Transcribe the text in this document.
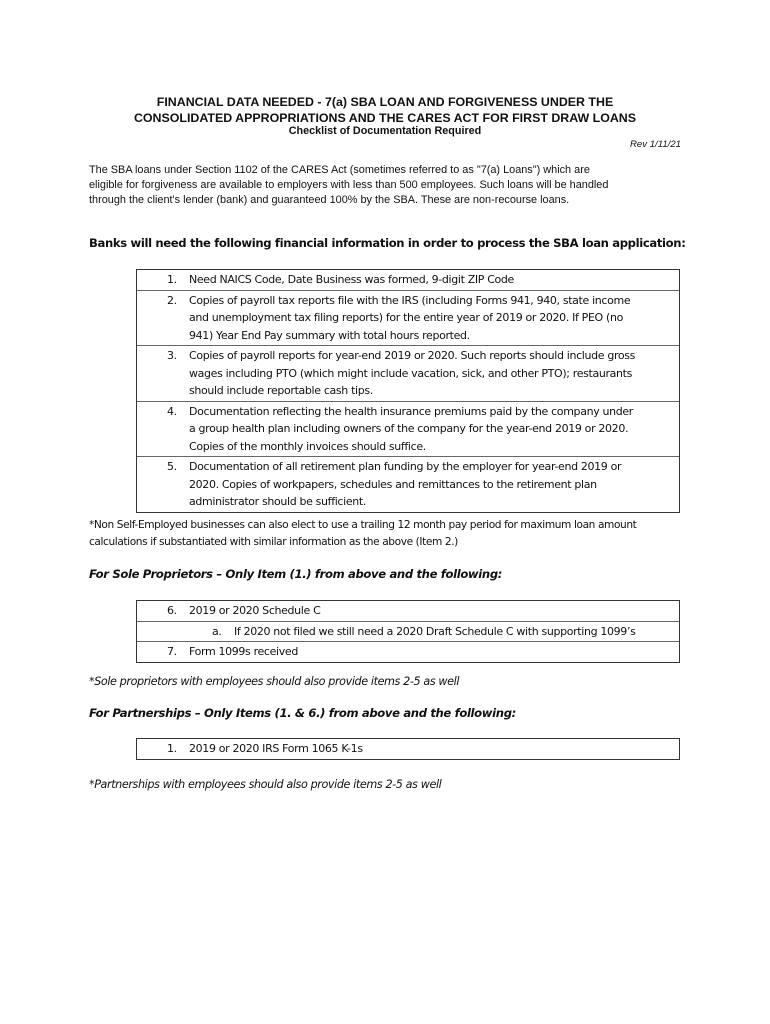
FINANCIAL DATA NEEDED - 7(a) SBA LOAN AND FORGIVENESS UNDER THE
CONSOLIDATED APPROPRIATIONS AND THE CARES ACT FOR FIRST DRAW LOANS
Checklist of Documentation Required
Rev 1/11/21
The SBA loans under Section 1102 of the CARES Act (sometimes referred to as "7(a) Loans") which are
eligible for forgiveness are available to employers with less than 500 employees. Such loans will be handled
through the client's lender (bank) and guaranteed 100% by the SBA. These are non-recourse loans.
Banks will need the following financial information in order to process the SBA loan application:
1. Need NAICS Code, Date Business was formed, 9-digit ZIP Code
2. Copies of payroll tax reports file with the IRS (including Forms 941, 940, state income
and unemployment tax filing reports) for the entire year of 2019 or 2020. If PEO (no
941) Year End Pay summary with total hours reported.
3. Copies of payroll reports for year-end 2019 or 2020. Such reports should include gross
wages including PTO (which might include vacation, sick, and other PTO); restaurants
should include reportable cash tips.
4. Documentation reflecting the health insurance premiums paid by the company under
a group health plan including owners of the company for the year-end 2019 or 2020.
Copies of the monthly invoices should suffice.
5. Documentation of all retirement plan funding by the employer for year-end 2019 or
2020. Copies of workpapers, schedules and remittances to the retirement plan
administrator should be sufficient.
*Non Self-Employed businesses can also elect to use a trailing 12 month pay period for maximum loan amount
calculations if substantiated with similar information as the above (Item 2.)
For Sole Proprietors – Only Item (1.) from above and the following:
6. 2019 or 2020 Schedule C
a. If 2020 not filed we still need a 2020 Draft Schedule C with supporting 1099’s
7. Form 1099s received
*Sole proprietors with employees should also provide items 2-5 as well
For Partnerships – Only Items (1. & 6.) from above and the following:
1. 2019 or 2020 IRS Form 1065 K-1s
*Partnerships with employees should also provide items 2-5 as well
